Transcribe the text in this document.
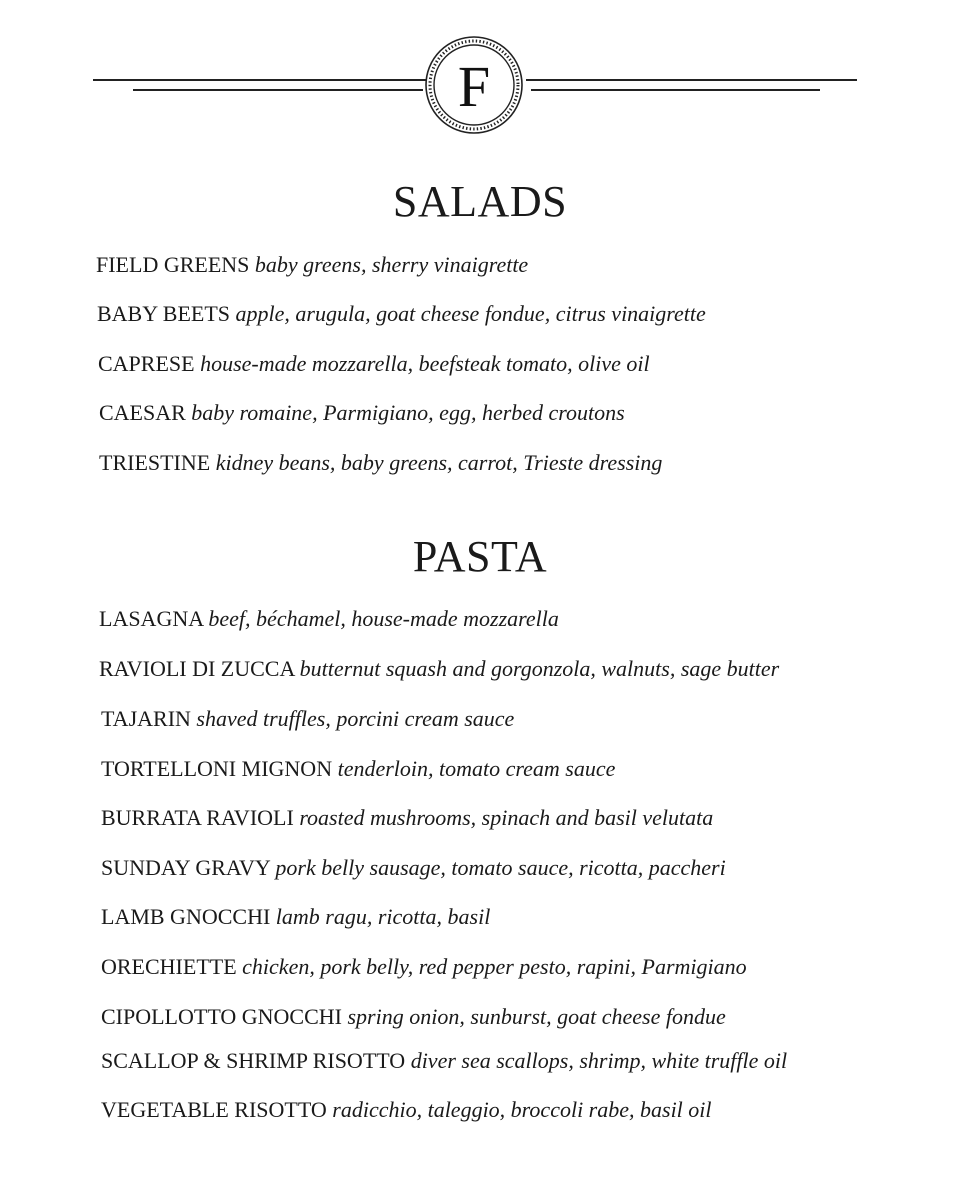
F
SALADS

FIELD GREENS baby greens, sherry vinaigrette

BABY BEETS apple, arugula, goat cheese fondue, citrus vinaigrette

CAPRESE house-made mozzarella, beefsteak tomato, olive oil

CAESAR baby romaine, Parmigiano, egg, herbed croutons

TRIESTINE kidney beans, baby greens, carrot, Trieste dressing

PASTA

LASAGNA beef, béchamel, house-made mozzarella

RAVIOLI DI ZUCCA butternut squash and gorgonzola, walnuts, sage butter

TAJARIN shaved truffles, porcini cream sauce

TORTELLONI MIGNON tenderloin, tomato cream sauce

BURRATA RAVIOLI roasted mushrooms, spinach and basil velutata

SUNDAY GRAVY pork belly sausage, tomato sauce, ricotta, paccheri

LAMB GNOCCHI lamb ragu, ricotta, basil

ORECHIETTE chicken, pork belly, red pepper pesto, rapini, Parmigiano

CIPOLLOTTO GNOCCHI spring onion, sunburst, goat cheese fondue

SCALLOP & SHRIMP RISOTTO diver sea scallops, shrimp, white truffle oil

VEGETABLE RISOTTO radicchio, taleggio, broccoli rabe, basil oil
